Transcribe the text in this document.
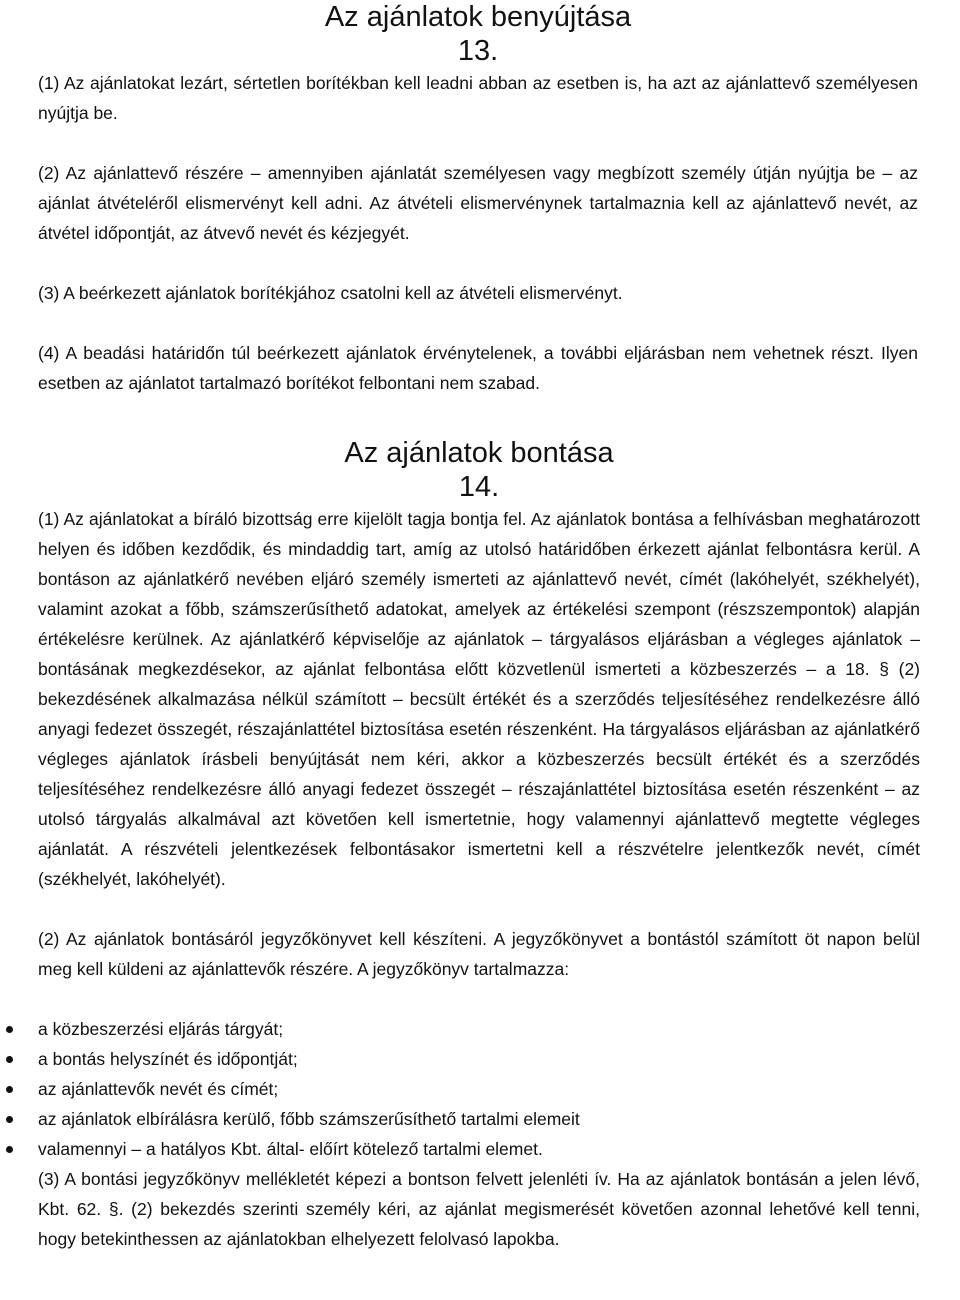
Az ajánlatok benyújtása
13.

(1) Az ajánlatokat lezárt, sértetlen borítékban kell leadni abban az esetben is, ha azt az ajánlattevő személyesen nyújtja be.

(2) Az ajánlattevő részére – amennyiben ajánlatát személyesen vagy megbízott személy útján nyújtja be – az ajánlat átvételéről elismervényt kell adni. Az átvételi elismervénynek tartalmaznia kell az ajánlattevő nevét, az átvétel időpontját, az átvevő nevét és kézjegyét.

(3) A beérkezett ajánlatok borítékjához csatolni kell az átvételi elismervényt.

(4) A beadási határidőn túl beérkezett ajánlatok érvénytelenek, a további eljárásban nem vehetnek részt. Ilyen esetben az ajánlatot tartalmazó borítékot felbontani nem szabad.

Az ajánlatok bontása
14.

(1) Az ajánlatokat a bíráló bizottság erre kijelölt tagja bontja fel. Az ajánlatok bontása a felhívásban meghatározott helyen és időben kezdődik, és mindaddig tart, amíg az utolsó határidőben érkezett ajánlat felbontásra kerül. A bontáson az ajánlatkérő nevében eljáró személy ismerteti az ajánlattevő nevét, címét (lakóhelyét, székhelyét), valamint azokat a főbb, számszerűsíthető adatokat, amelyek az értékelési szempont (részszempontok) alapján értékelésre kerülnek. Az ajánlatkérő képviselője az ajánlatok – tárgyalásos eljárásban a végleges ajánlatok – bontásának megkezdésekor, az ajánlat felbontása előtt közvetlenül ismerteti a közbeszerzés – a 18. § (2) bekezdésének alkalmazása nélkül számított – becsült értékét és a szerződés teljesítéséhez rendelkezésre álló anyagi fedezet összegét, részajánlattétel biztosítása esetén részenként. Ha tárgyalásos eljárásban az ajánlatkérő végleges ajánlatok írásbeli benyújtását nem kéri, akkor a közbeszerzés becsült értékét és a szerződés teljesítéséhez rendelkezésre álló anyagi fedezet összegét – részajánlattétel biztosítása esetén részenként – az utolsó tárgyalás alkalmával azt követően kell ismertetnie, hogy valamennyi ajánlattevő megtette végleges ajánlatát. A részvételi jelentkezések felbontásakor ismertetni kell a részvételre jelentkezők nevét, címét (székhelyét, lakóhelyét).

(2) Az ajánlatok bontásáról jegyzőkönyvet kell készíteni. A jegyzőkönyvet a bontástól számított öt napon belül meg kell küldeni az ajánlattevők részére. A jegyzőkönyv tartalmazza:

a közbeszerzési eljárás tárgyát;
a bontás helyszínét és időpontját;
az ajánlattevők nevét és címét;
az ajánlatok elbírálásra kerülő, főbb számszerűsíthető tartalmi elemeit
valamennyi – a hatályos Kbt. által- előírt kötelező tartalmi elemet.

(3) A bontási jegyzőkönyv mellékletét képezi a bontson felvett jelenléti ív. Ha az ajánlatok bontásán a jelen lévő, Kbt. 62. §. (2) bekezdés szerinti személy kéri, az ajánlat megismerését követően azonnal lehetővé kell tenni, hogy betekinthessen az ajánlatokban elhelyezett felolvasó lapokba.
